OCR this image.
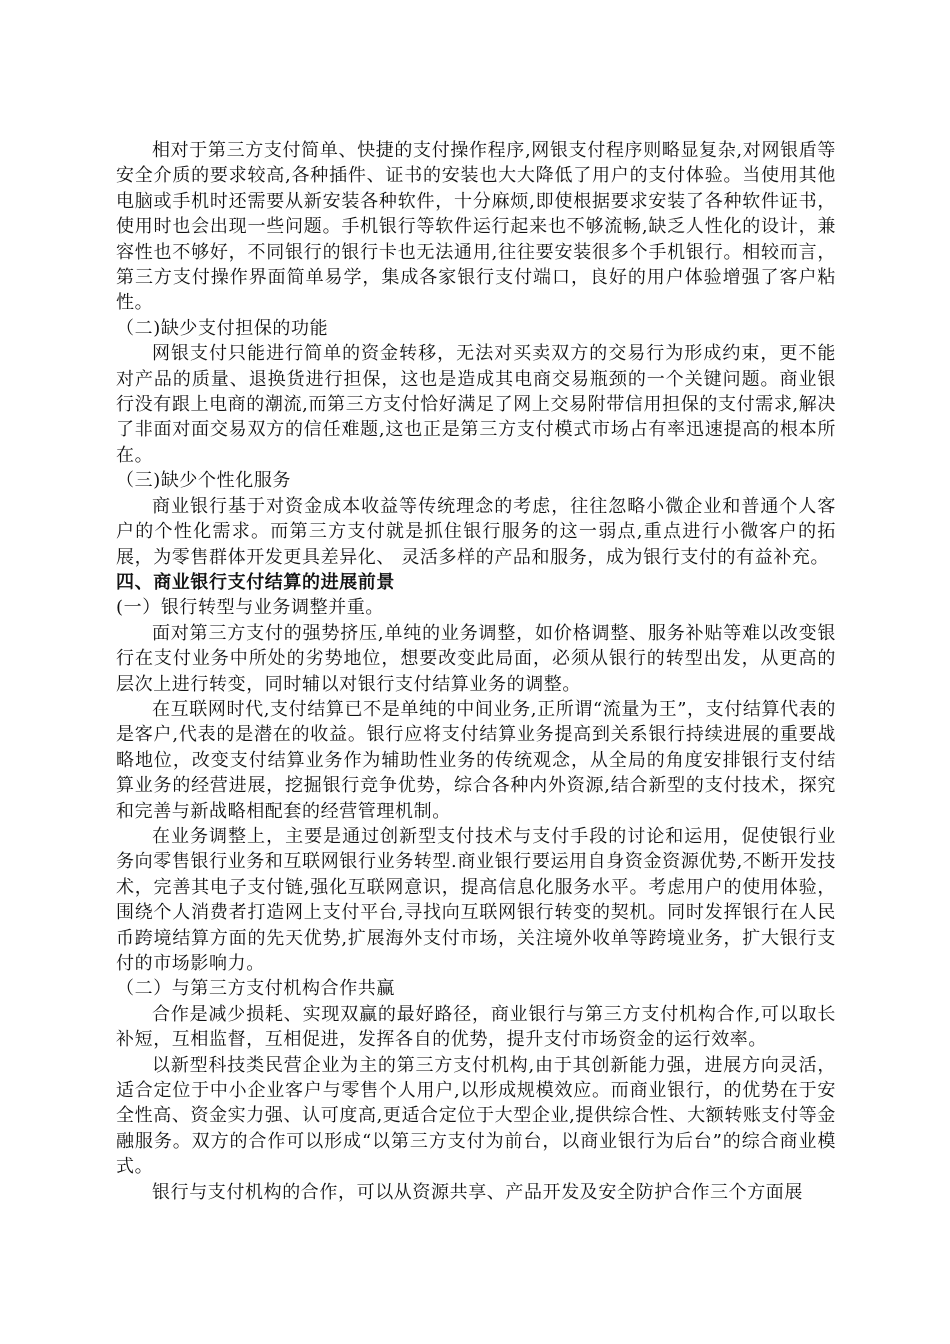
相对于第三方支付简单、快捷的支付操作程序,网银支付程序则略显复杂,对网银盾等安全介质的要求较高,各种插件、证书的安装也大大降低了用户的支付体验。当使用其他电脑或手机时还需要从新安装各种软件，十分麻烦,即使根据要求安装了各种软件证书，使用时也会出现一些问题。手机银行等软件运行起来也不够流畅,缺乏人性化的设计，兼容性也不够好，不同银行的银行卡也无法通用,往往要安装很多个手机银行。相较而言，第三方支付操作界面简单易学，集成各家银行支付端口，良好的用户体验增强了客户粘性。

（二)缺少支付担保的功能

网银支付只能进行简单的资金转移，无法对买卖双方的交易行为形成约束，更不能对产品的质量、退换货进行担保，这也是造成其电商交易瓶颈的一个关键问题。商业银行没有跟上电商的潮流,而第三方支付恰好满足了网上交易附带信用担保的支付需求,解决了非面对面交易双方的信任难题,这也正是第三方支付模式市场占有率迅速提高的根本所在。

（三)缺少个性化服务

商业银行基于对资金成本收益等传统理念的考虑，往往忽略小微企业和普通个人客户的个性化需求。而第三方支付就是抓住银行服务的这一弱点,重点进行小微客户的拓展，为零售群体开发更具差异化、 灵活多样的产品和服务，成为银行支付的有益补充。

四、商业银行支付结算的进展前景

(一）银行转型与业务调整并重。

面对第三方支付的强势挤压,单纯的业务调整，如价格调整、服务补贴等难以改变银行在支付业务中所处的劣势地位，想要改变此局面，必须从银行的转型出发，从更高的层次上进行转变，同时辅以对银行支付结算业务的调整。

在互联网时代,支付结算已不是单纯的中间业务,正所谓“流量为王”，支付结算代表的是客户,代表的是潜在的收益。银行应将支付结算业务提高到关系银行持续进展的重要战略地位，改变支付结算业务作为辅助性业务的传统观念，从全局的角度安排银行支付结算业务的经营进展，挖掘银行竞争优势，综合各种内外资源,结合新型的支付技术，探究和完善与新战略相配套的经营管理机制。

在业务调整上，主要是通过创新型支付技术与支付手段的讨论和运用，促使银行业务向零售银行业务和互联网银行业务转型.商业银行要运用自身资金资源优势,不断开发技术，完善其电子支付链,强化互联网意识，提高信息化服务水平。考虑用户的使用体验，围绕个人消费者打造网上支付平台,寻找向互联网银行转变的契机。同时发挥银行在人民币跨境结算方面的先天优势,扩展海外支付市场，关注境外收单等跨境业务，扩大银行支付的市场影响力。

（二）与第三方支付机构合作共赢

合作是减少损耗、实现双赢的最好路径，商业银行与第三方支付机构合作,可以取长补短，互相监督，互相促进，发挥各自的优势，提升支付市场资金的运行效率。

以新型科技类民营企业为主的第三方支付机构,由于其创新能力强，进展方向灵活，适合定位于中小企业客户与零售个人用户,以形成规模效应。而商业银行，的优势在于安全性高、资金实力强、认可度高,更适合定位于大型企业,提供综合性、大额转账支付等金融服务。双方的合作可以形成“以第三方支付为前台，以商业银行为后台”的综合商业模式。

银行与支付机构的合作，可以从资源共享、产品开发及安全防护合作三个方面展
